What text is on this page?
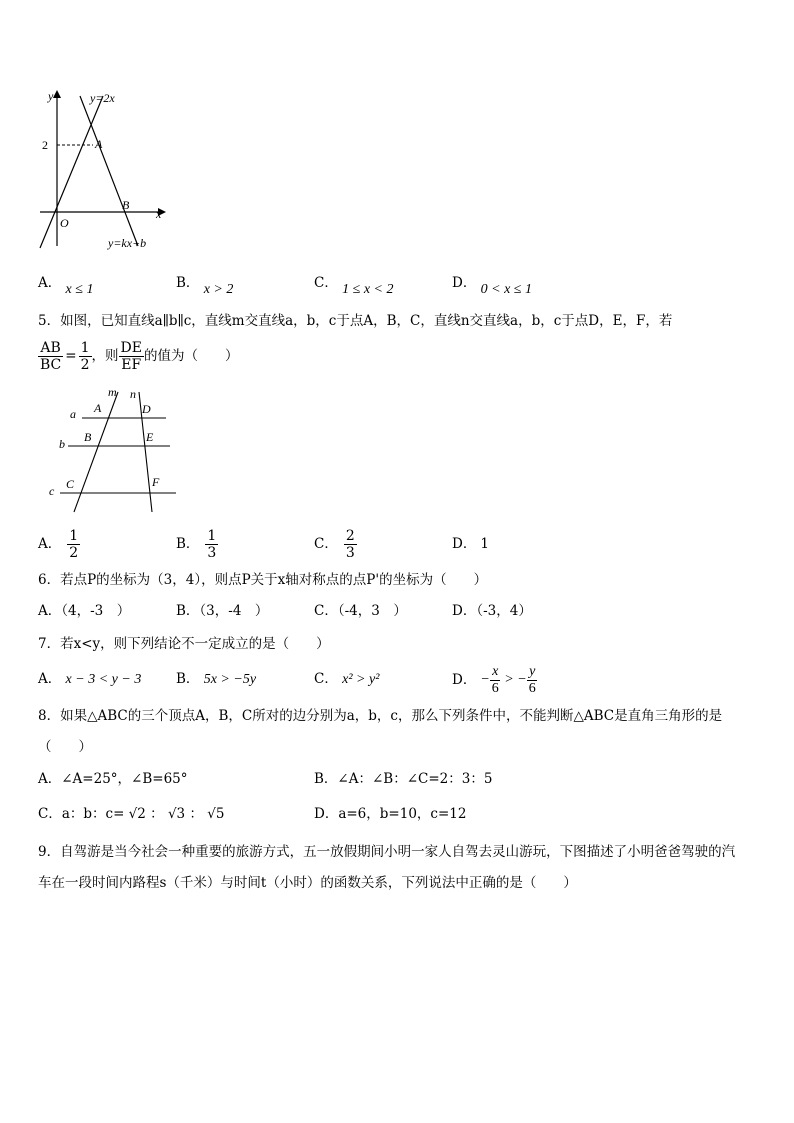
y
x
y=2x
y=kx+b
2	A
B
O
A． x ≤ 1	B． x > 2	C． 1 ≤ x < 2	D． 0 < x ≤ 1
5．如图，已知直线a∥b∥c，直线m交直线a，b，c于点A，B，C，直线n交直线a，b，c于点D，E，F，若
$\frac{AB}{BC} = \frac{1}{2}$ ，则 $\frac{DE}{EF}$ 的值为（　　）
m n
a
b
c
A
B
C
D
E
F
A． $\frac{1}{2}$	B． $\frac{1}{3}$	C． $\frac{2}{3}$	D． 1
6．若点P的坐标为（3，4），则点P关于x轴对称点的点P'的坐标为（　　）
A．（4，-3　）	B．（3，-4　）	C．（-4，3　）	D．（-3，4）
7．若x<y，则下列结论不一定成立的是（　　）
A． x − 3 < y − 3	B． 5x > −5y	C． x² > y²	D． − $\frac{x}{6}$ > − $\frac{y}{6}$
8．如果△ABC的三个顶点A，B，C所对的边分别为a，b，c，那么下列条件中，不能判断△ABC是直角三角形的是
（　　）
A．∠A=25°，∠B=65°	B．∠A：∠B：∠C=2：3：5
C．a：b：c= √2 ： √3 ： √5	D．a=6，b=10，c=12
9．自驾游是当今社会一种重要的旅游方式，五一放假期间小明一家人自驾去灵山游玩，下图描述了小明爸爸驾驶的汽
车在一段时间内路程s（千米）与时间t（小时）的函数关系，下列说法中正确的是（　　）
